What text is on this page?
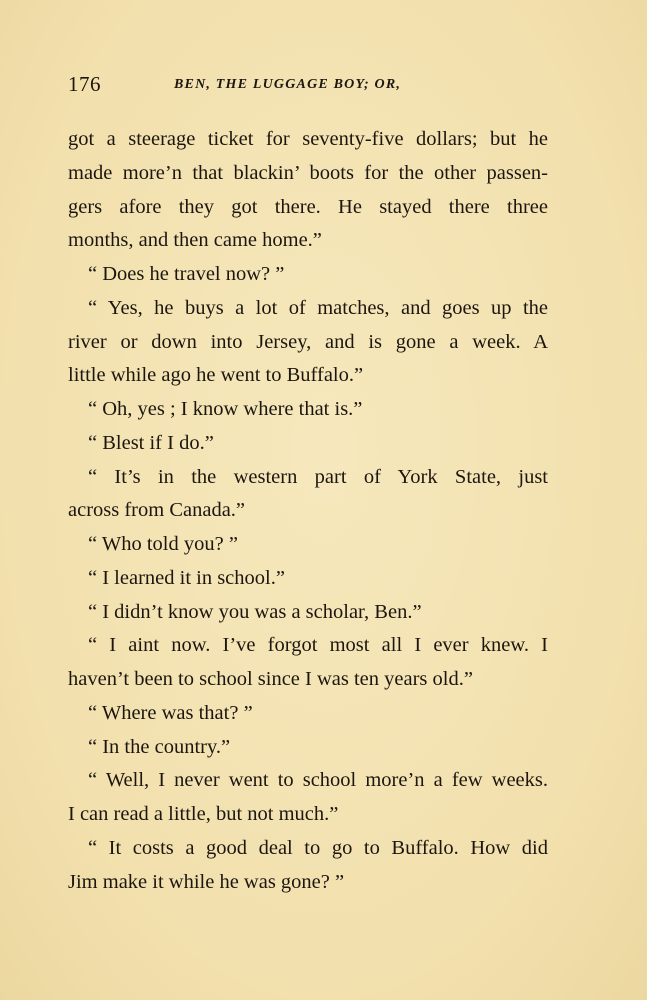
176	BEN, THE LUGGAGE BOY; OR,
got a steerage ticket for seventy-five dollars; but he
made more’n that blackin’ boots for the other passen-
gers afore they got there. He stayed there three
months, and then came home.”
“ Does he travel now? ”
“ Yes, he buys a lot of matches, and goes up the
river or down into Jersey, and is gone a week. A
little while ago he went to Buffalo.”
“ Oh, yes ; I know where that is.”
“ Blest if I do.”
“ It’s in the western part of York State, just
across from Canada.”
“ Who told you? ”
“ I learned it in school.”
“ I didn’t know you was a scholar, Ben.”
“ I aint now. I’ve forgot most all I ever knew. I
haven’t been to school since I was ten years old.”
“ Where was that? ”
“ In the country.”
“ Well, I never went to school more’n a few weeks.
I can read a little, but not much.”
“ It costs a good deal to go to Buffalo. How did
Jim make it while he was gone? ”
